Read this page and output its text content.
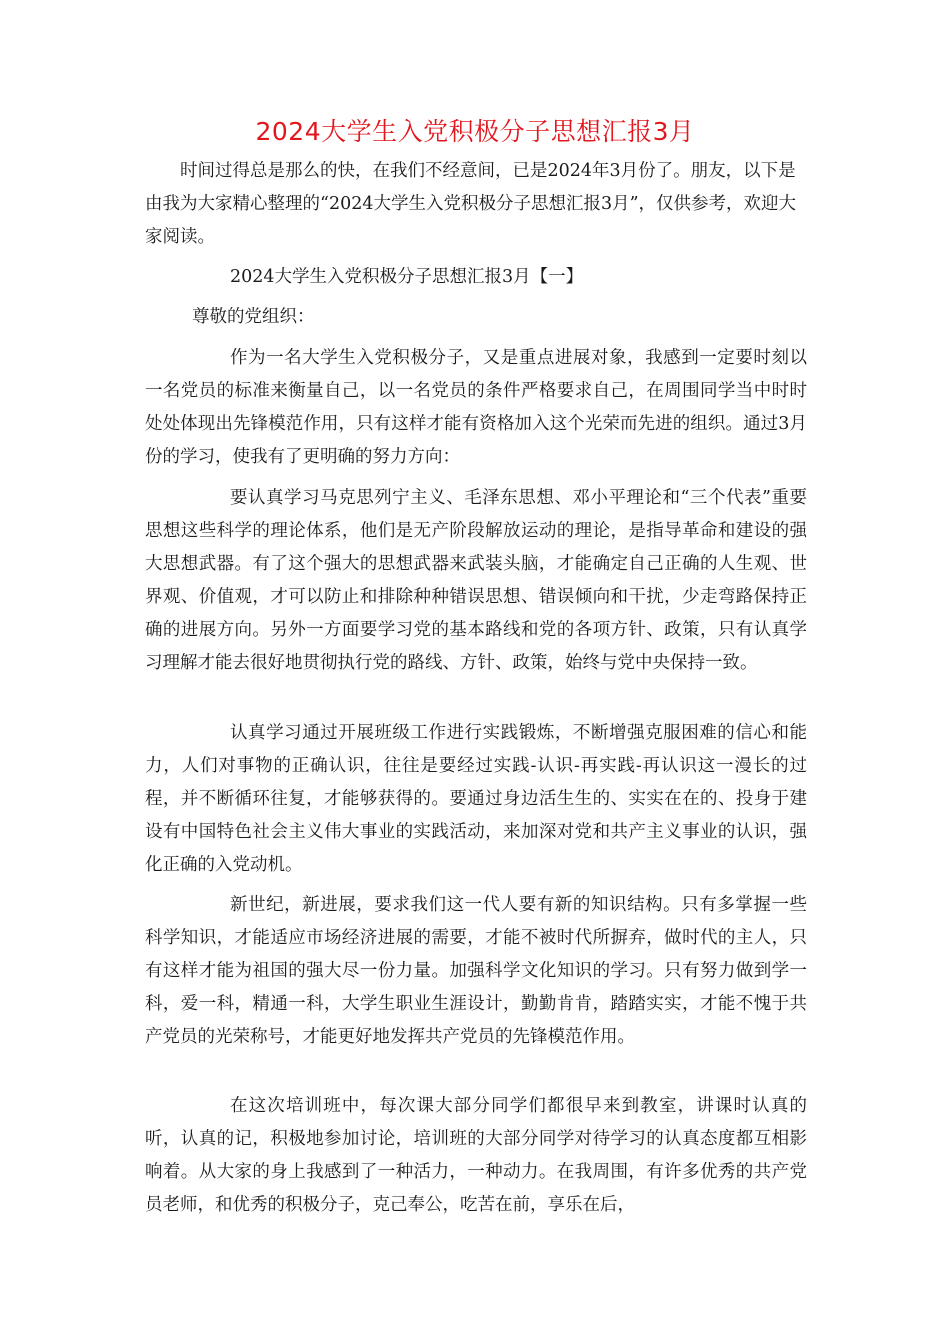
2024大学生入党积极分子思想汇报3月

时间过得总是那么的快，在我们不经意间，已是2024年3月份了。朋友，以下是由我为大家精心整理的“2024大学生入党积极分子思想汇报3月”，仅供参考，欢迎大家阅读。

2024大学生入党积极分子思想汇报3月【一】

尊敬的党组织：

作为一名大学生入党积极分子，又是重点进展对象，我感到一定要时刻以一名党员的标准来衡量自己，以一名党员的条件严格要求自己，在周围同学当中时时处处体现出先锋模范作用，只有这样才能有资格加入这个光荣而先进的组织。通过3月份的学习，使我有了更明确的努力方向：

要认真学习马克思列宁主义、毛泽东思想、邓小平理论和“三个代表”重要思想这些科学的理论体系，他们是无产阶段解放运动的理论，是指导革命和建设的强大思想武器。有了这个强大的思想武器来武装头脑，才能确定自己正确的人生观、世界观、价值观，才可以防止和排除种种错误思想、错误倾向和干扰，少走弯路保持正确的进展方向。另外一方面要学习党的基本路线和党的各项方针、政策，只有认真学习理解才能去很好地贯彻执行党的路线、方针、政策，始终与党中央保持一致。

认真学习通过开展班级工作进行实践锻炼，不断增强克服困难的信心和能力，人们对事物的正确认识，往往是要经过实践-认识-再实践-再认识这一漫长的过程，并不断循环往复，才能够获得的。要通过身边活生生的、实实在在的、投身于建设有中国特色社会主义伟大事业的实践活动，来加深对党和共产主义事业的认识，强化正确的入党动机。

新世纪，新进展，要求我们这一代人要有新的知识结构。只有多掌握一些科学知识，才能适应市场经济进展的需要，才能不被时代所摒弃，做时代的主人，只有这样才能为祖国的强大尽一份力量。加强科学文化知识的学习。只有努力做到学一科，爱一科，精通一科，大学生职业生涯设计，勤勤肯肯，踏踏实实，才能不愧于共产党员的光荣称号，才能更好地发挥共产党员的先锋模范作用。

在这次培训班中，每次课大部分同学们都很早来到教室，讲课时认真的听，认真的记，积极地参加讨论，培训班的大部分同学对待学习的认真态度都互相影响着。从大家的身上我感到了一种活力，一种动力。在我周围，有许多优秀的共产党员老师，和优秀的积极分子，克己奉公，吃苦在前，享乐在后，
